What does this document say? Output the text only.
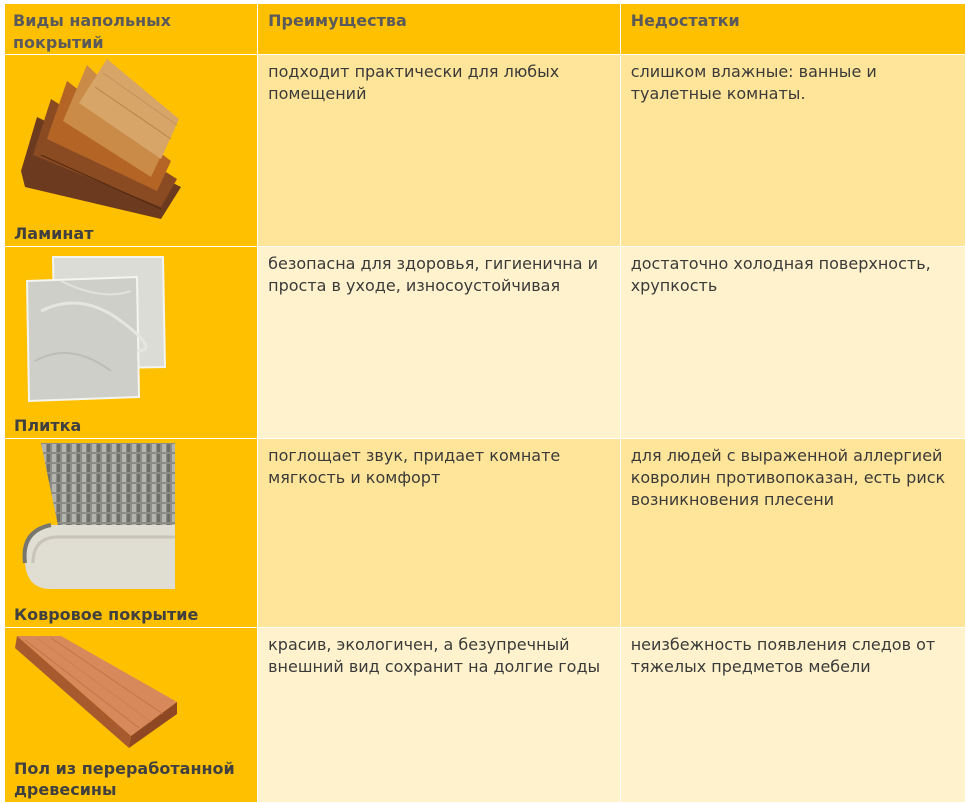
Виды напольных покрытий	Преимущества	Недостатки

Ламинат	подходит практически для любых помещений	слишком влажные: ванные и туалетные комнаты.

Плитка	безопасна для здоровья, гигиенична и проста в уходе, износоустойчивая	достаточно холодная поверхность, хрупкость

Ковровое покрытие	поглощает звук, придает комнате мягкость и комфорт	для людей с выраженной аллергией ковролин противопоказан, есть риск возникновения плесени

Пол из переработанной древесины	красив, экологичен, а безупречный внешний вид сохранит на долгие годы	неизбежность появления следов от тяжелых предметов мебели
